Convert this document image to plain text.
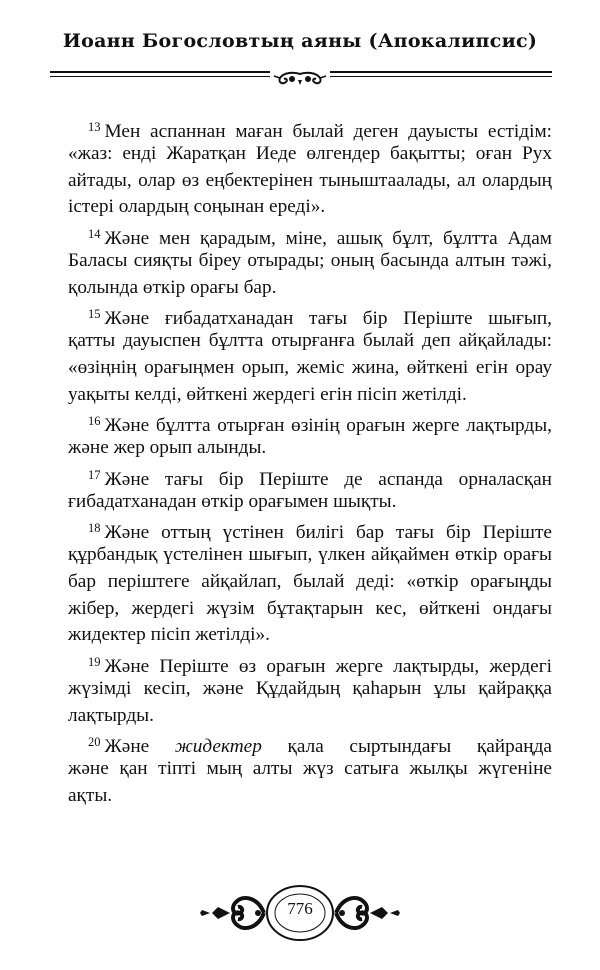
Иоанн Богословтың аяны (Апокалипсис)
$^{13}$ Мен аспаннан маған былай деген дауысты естідім:
«жаз: енді Жаратқан Иеде өлгендер бақытты; оған Рух
айтады, олар өз еңбектерінен тыныштаалады, ал олардың
істері олардың соңынан ереді».
$^{14}$ Және мен қарадым, міне, ашық бұлт, бұлтта Адам
Баласы сияқты біреу отырады; оның басында алтын тәжі,
қолында өткір орағы бар.
$^{15}$ Және ғибадатханадан тағы бір Періште шығып,
қатты дауыспен бұлтта отырғанға былай деп айқайлады:
«өзіңнің орағыңмен орып, жеміс жина, өйткені егін орау
уақыты келді, өйткені жердегі егін пісіп жетілді.
$^{16}$ Және бұлтта отырған өзінің орағын жерге лақтырды,
және жер орып алынды.
$^{17}$ Және тағы бір Періште де аспанда орналасқан
ғибадатханадан өткір орағымен шықты.
$^{18}$ Және оттың үстінен билігі бар тағы бір Періште
құрбандық үстелінен шығып, үлкен айқаймен өткір орағы
бар періштеге айқайлап, былай деді: «өткір орағыңды
жібер, жердегі жүзім бұтақтарын кес, өйткені ондағы
жидектер пісіп жетілді».
$^{19}$ Және Періште өз орағын жерге лақтырды, жердегі
жүзімді кесіп, және Құдайдың қаһарын ұлы қайраққа
лақтырды.
$^{20}$ Және жидектер қала сыртындағы қайраңда
және қан тіпті мың алты жүз сатыға жылқы жүгеніне
ақты.
776
